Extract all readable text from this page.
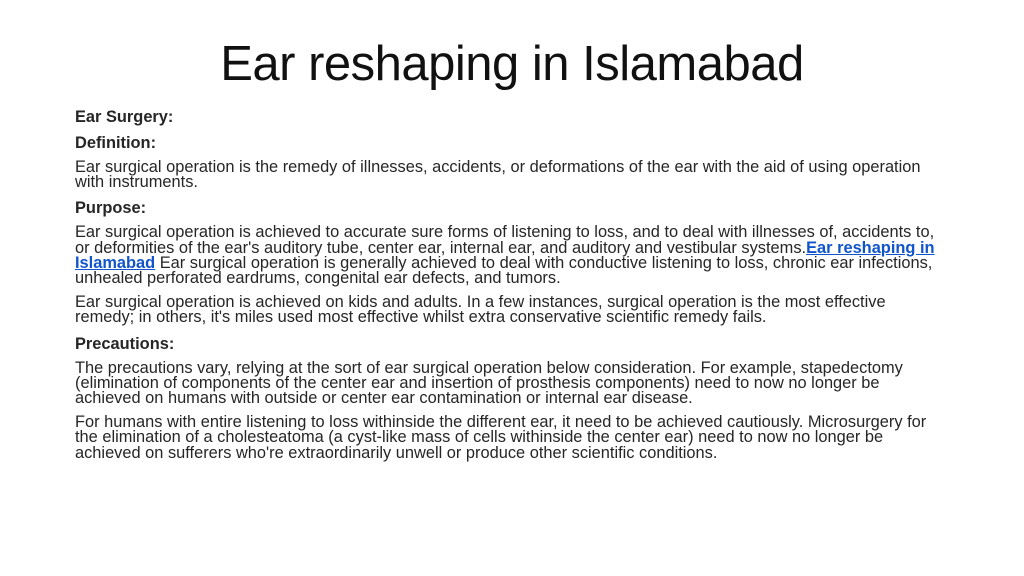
Ear reshaping in Islamabad
Ear Surgery:
Definition:
Ear surgical operation is the remedy of illnesses, accidents, or deformations of the ear with the aid of using operation with instruments.
Purpose:
Ear surgical operation is achieved to accurate sure forms of listening to loss, and to deal with illnesses of, accidents to, or deformities of the ear's auditory tube, center ear, internal ear, and auditory and vestibular systems.Ear reshaping in Islamabad Ear surgical operation is generally achieved to deal with conductive listening to loss, chronic ear infections, unhealed perforated eardrums, congenital ear defects, and tumors.
Ear surgical operation is achieved on kids and adults. In a few instances, surgical operation is the most effective remedy; in others, it's miles used most effective whilst extra conservative scientific remedy fails.
Precautions:
The precautions vary, relying at the sort of ear surgical operation below consideration. For example, stapedectomy (elimination of components of the center ear and insertion of prosthesis components) need to now no longer be achieved on humans with outside or center ear contamination or internal ear disease.
For humans with entire listening to loss withinside the different ear, it need to be achieved cautiously. Microsurgery for the elimination of a cholesteatoma (a cyst-like mass of cells withinside the center ear) need to now no longer be achieved on sufferers who're extraordinarily unwell or produce other scientific conditions.
